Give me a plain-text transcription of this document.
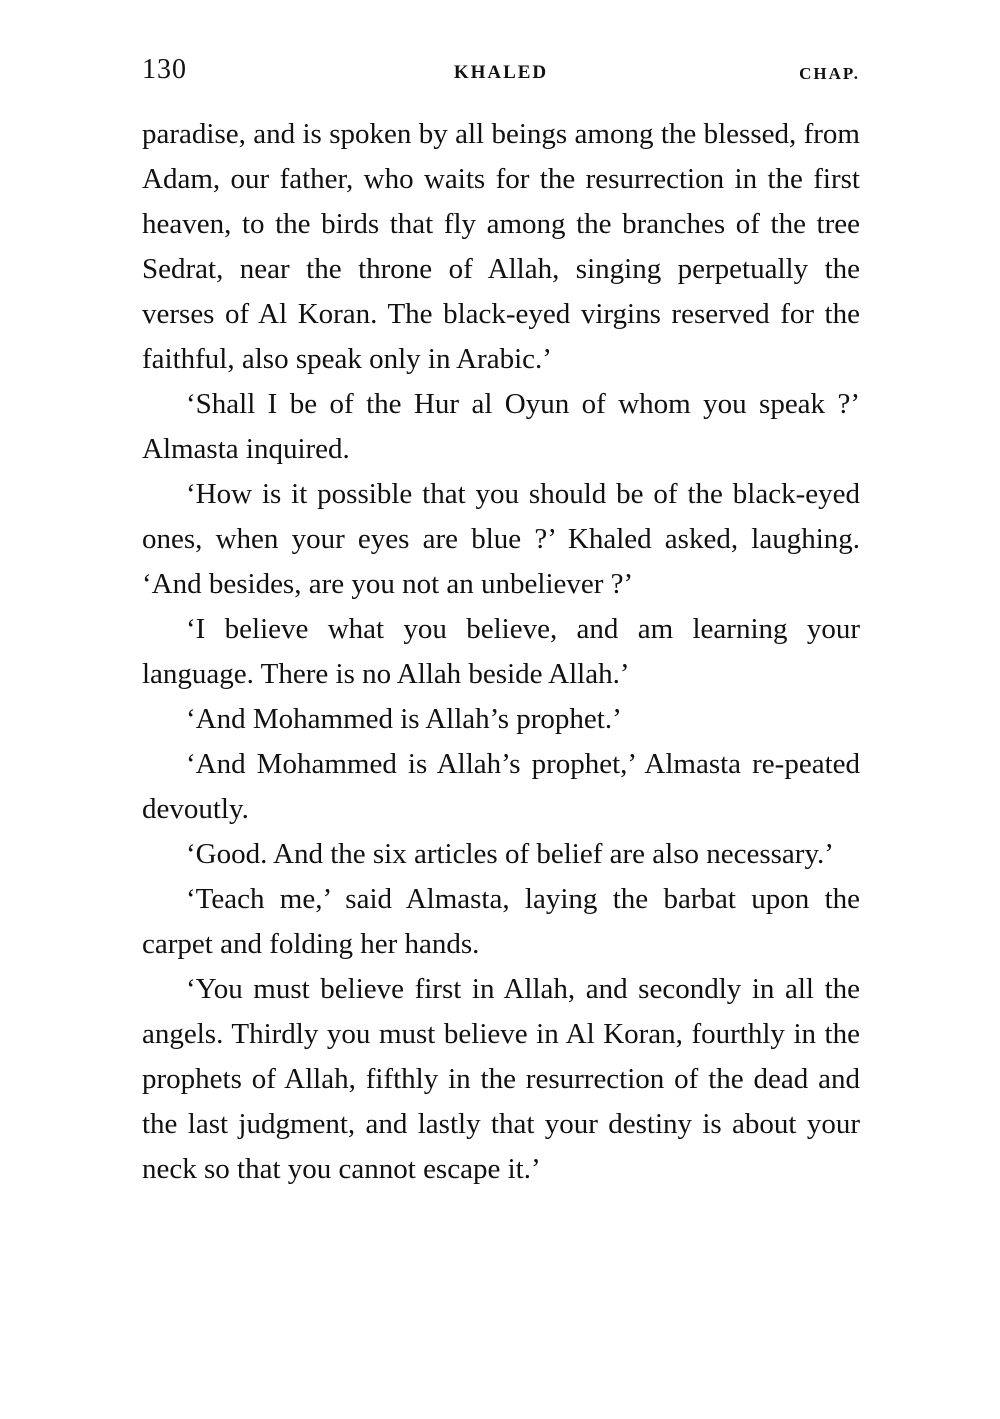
130	KHALED	CHAP.

paradise, and is spoken by all beings among the blessed, from Adam, our father, who waits for the resurrection in the first heaven, to the birds that fly among the branches of the tree Sedrat, near the throne of Allah, singing perpetually the verses of Al Koran. The black-eyed virgins reserved for the faithful, also speak only in Arabic.’

‘Shall I be of the Hur al Oyun of whom you speak ?’ Almasta inquired.

‘How is it possible that you should be of the black-eyed ones, when your eyes are blue ?’ Khaled asked, laughing. ‘And besides, are you not an unbeliever ?’

‘I believe what you believe, and am learning your language. There is no Allah beside Allah.’

‘And Mohammed is Allah’s prophet.’

‘And Mohammed is Allah’s prophet,’ Almasta re-peated devoutly.

‘Good. And the six articles of belief are also necessary.’

‘Teach me,’ said Almasta, laying the barbat upon the carpet and folding her hands.

‘You must believe first in Allah, and secondly in all the angels. Thirdly you must believe in Al Koran, fourthly in the prophets of Allah, fifthly in the resurrection of the dead and the last judgment, and lastly that your destiny is about your neck so that you cannot escape it.’
